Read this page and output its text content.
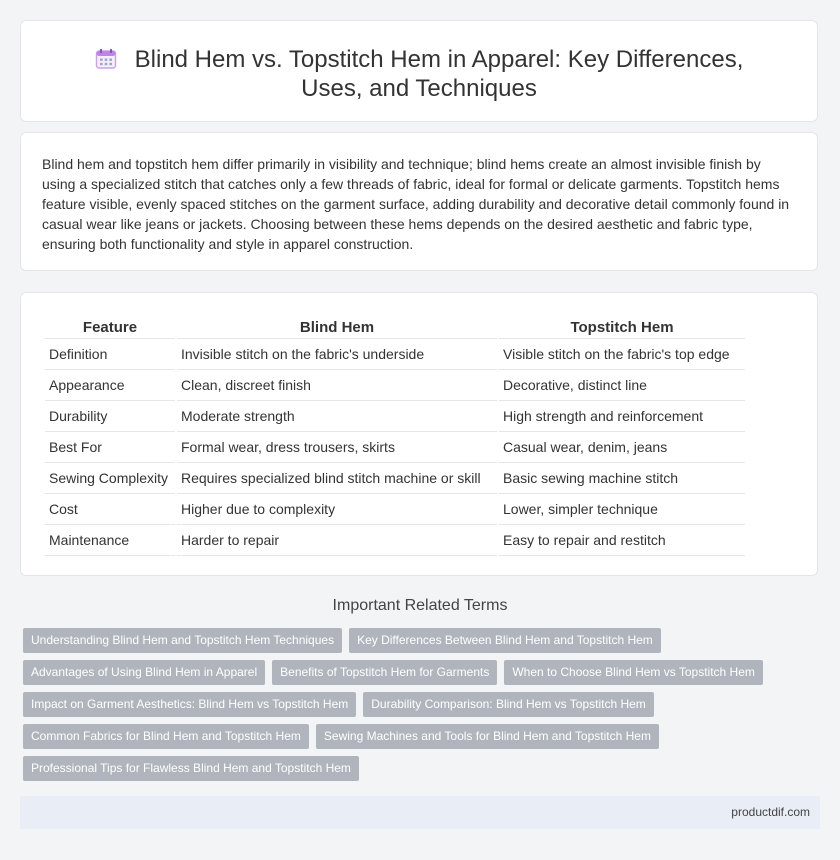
Blind Hem vs. Topstitch Hem in Apparel: Key Differences, Uses, and Techniques

Blind hem and topstitch hem differ primarily in visibility and technique; blind hems create an almost invisible finish by using a specialized stitch that catches only a few threads of fabric, ideal for formal or delicate garments. Topstitch hems feature visible, evenly spaced stitches on the garment surface, adding durability and decorative detail commonly found in casual wear like jeans or jackets. Choosing between these hems depends on the desired aesthetic and fabric type, ensuring both functionality and style in apparel construction.

Feature	Blind Hem	Topstitch Hem
Definition	Invisible stitch on the fabric's underside	Visible stitch on the fabric's top edge
Appearance	Clean, discreet finish	Decorative, distinct line
Durability	Moderate strength	High strength and reinforcement
Best For	Formal wear, dress trousers, skirts	Casual wear, denim, jeans
Sewing Complexity	Requires specialized blind stitch machine or skill	Basic sewing machine stitch
Cost	Higher due to complexity	Lower, simpler technique
Maintenance	Harder to repair	Easy to repair and restitch
Important Related Terms
Understanding Blind Hem and Topstitch Hem Techniques	Key Differences Between Blind Hem and Topstitch Hem
Advantages of Using Blind Hem in Apparel	Benefits of Topstitch Hem for Garments	When to Choose Blind Hem vs Topstitch Hem
Impact on Garment Aesthetics: Blind Hem vs Topstitch Hem	Durability Comparison: Blind Hem vs Topstitch Hem
Common Fabrics for Blind Hem and Topstitch Hem	Sewing Machines and Tools for Blind Hem and Topstitch Hem
Professional Tips for Flawless Blind Hem and Topstitch Hem
productdif.com
